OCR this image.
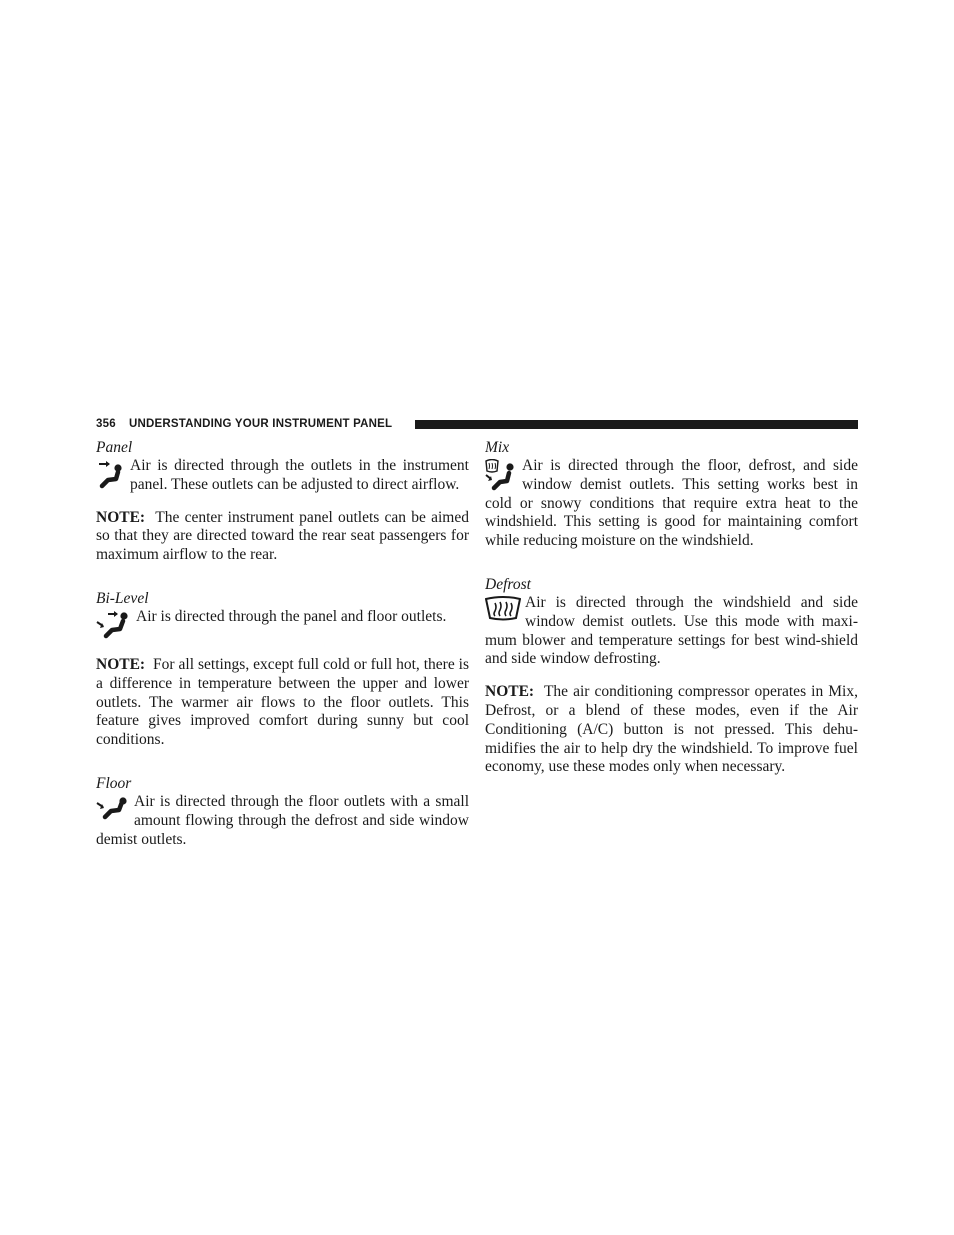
356 UNDERSTANDING YOUR INSTRUMENT PANEL

Panel

Air is directed through the outlets in the instrument panel. These outlets can be adjusted to direct airflow.

NOTE: The center instrument panel outlets can be aimed so that they are directed toward the rear seat passengers for maximum airflow to the rear.

Bi-Level

Air is directed through the panel and floor outlets.

NOTE: For all settings, except full cold or full hot, there is a difference in temperature between the upper and lower outlets. The warmer air flows to the floor outlets. This feature gives improved comfort during sunny but cool conditions.

Floor

Air is directed through the floor outlets with a small amount flowing through the defrost and side window demist outlets.

Mix

Air is directed through the floor, defrost, and side window demist outlets. This setting works best in cold or snowy conditions that require extra heat to the windshield. This setting is good for maintaining comfort while reducing moisture on the windshield.

Defrost

Air is directed through the windshield and side window demist outlets. Use this mode with maxi-mum blower and temperature settings for best wind-shield and side window defrosting.

NOTE: The air conditioning compressor operates in Mix, Defrost, or a blend of these modes, even if the Air Conditioning (A/C) button is not pressed. This dehu-midifies the air to help dry the windshield. To improve fuel economy, use these modes only when necessary.
